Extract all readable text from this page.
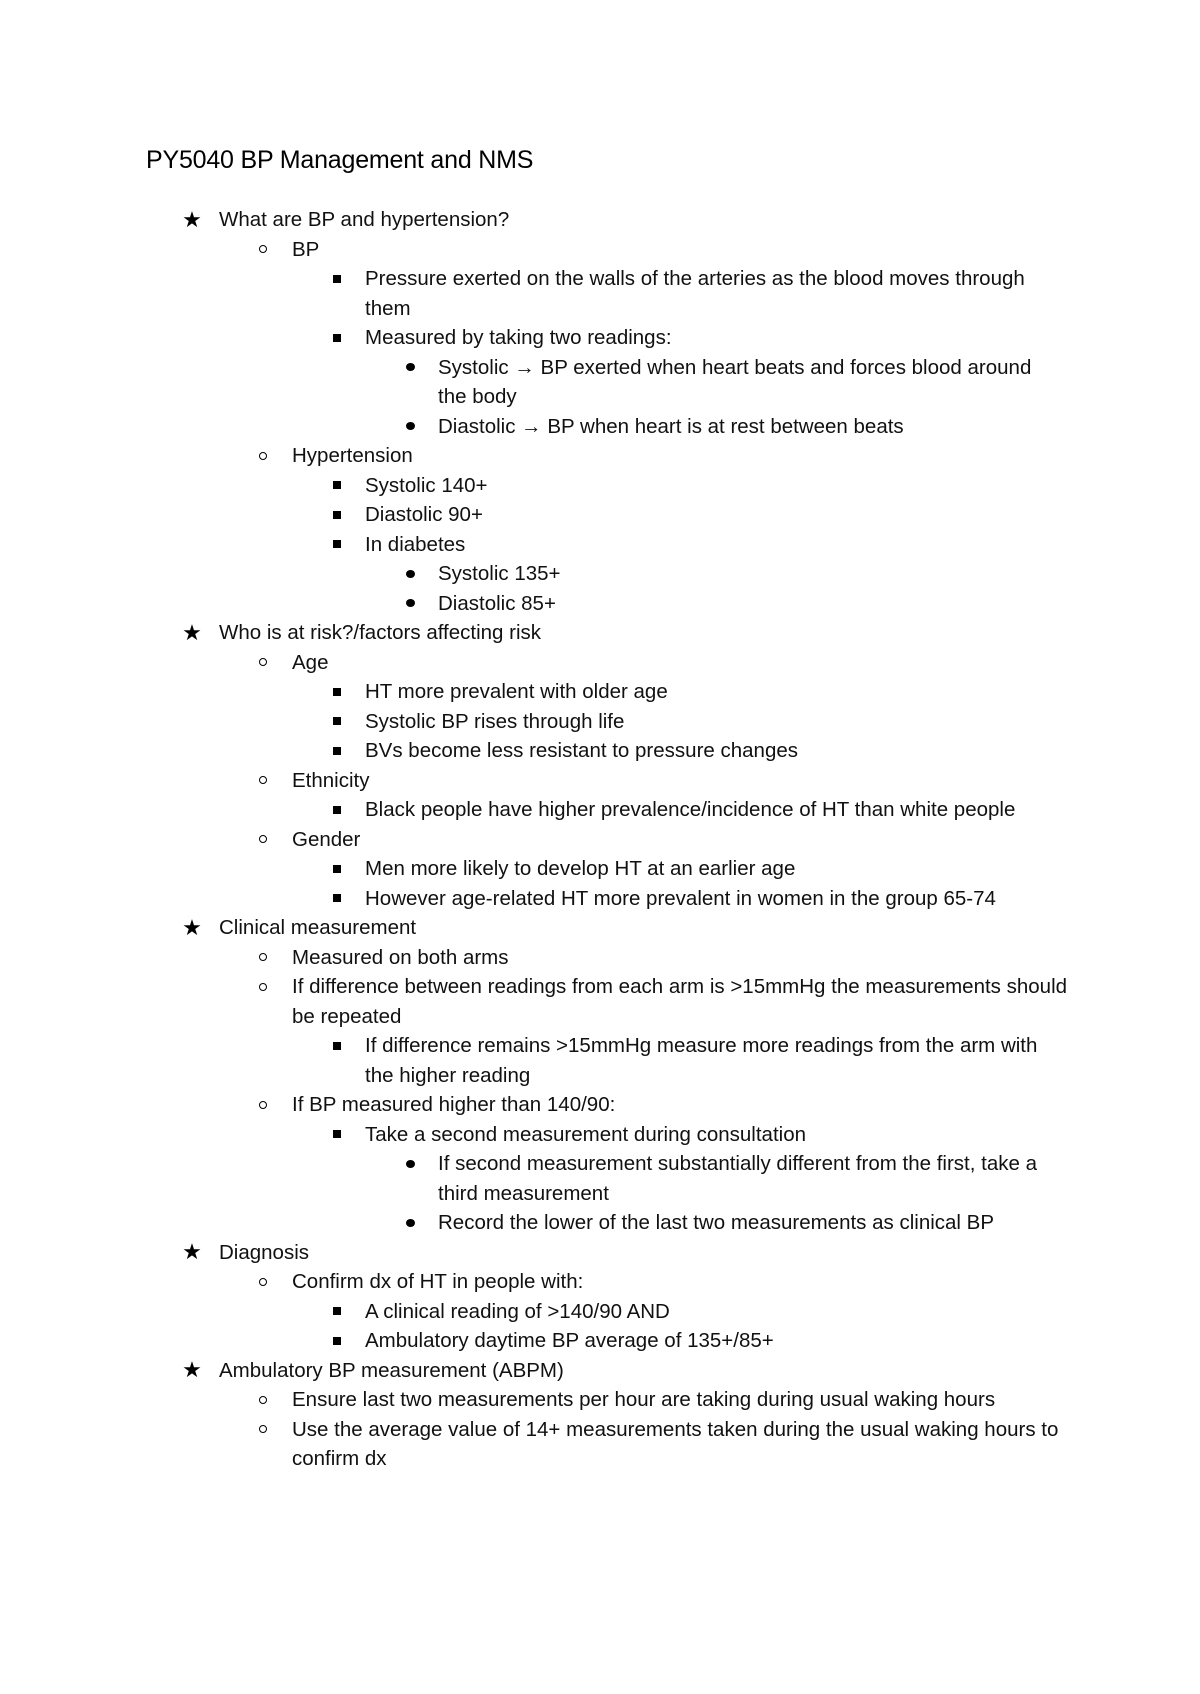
PY5040 BP Management and NMS
★ What are BP and hypertension?
BP
Pressure exerted on the walls of the arteries as the blood moves through them
Measured by taking two readings:
Systolic → BP exerted when heart beats and forces blood around the body
Diastolic → BP when heart is at rest between beats
Hypertension
Systolic 140+
Diastolic 90+
In diabetes
Systolic 135+
Diastolic 85+
★ Who is at risk?/factors affecting risk
Age
HT more prevalent with older age
Systolic BP rises through life
BVs become less resistant to pressure changes
Ethnicity
Black people have higher prevalence/incidence of HT than white people
Gender
Men more likely to develop HT at an earlier age
However age-related HT more prevalent in women in the group 65-74
★ Clinical measurement
Measured on both arms
If difference between readings from each arm is >15mmHg the measurements should be repeated
If difference remains >15mmHg measure more readings from the arm with the higher reading
If BP measured higher than 140/90:
Take a second measurement during consultation
If second measurement substantially different from the first, take a third measurement
Record the lower of the last two measurements as clinical BP
★ Diagnosis
Confirm dx of HT in people with:
A clinical reading of >140/90 AND
Ambulatory daytime BP average of 135+/85+
★ Ambulatory BP measurement (ABPM)
Ensure last two measurements per hour are taking during usual waking hours
Use the average value of 14+ measurements taken during the usual waking hours to confirm dx
